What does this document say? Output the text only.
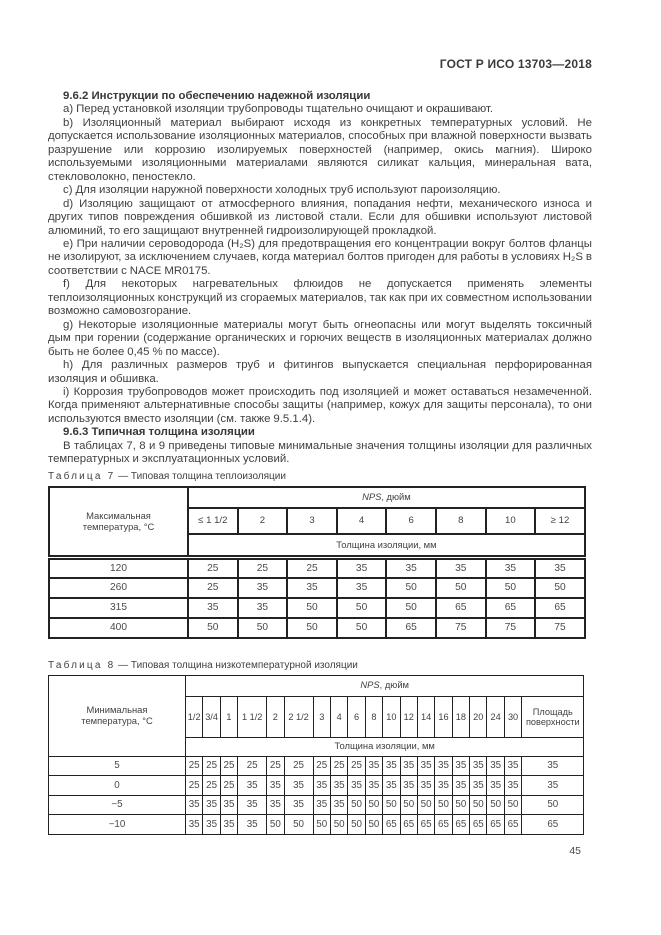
ГОСТ Р ИСО 13703—2018
9.6.2 Инструкции по обеспечению надежной изоляции

a) Перед установкой изоляции трубопроводы тщательно очищают и окрашивают.

b) Изоляционный материал выбирают исходя из конкретных температурных условий. Не допускается использование изоляционных материалов, способных при влажной поверхности вызвать разрушение или коррозию изолируемых поверхностей (например, окись магния). Широко используемыми изоляционными материалами являются силикат кальция, минеральная вата, стекловолокно, пеностекло.

c) Для изоляции наружной поверхности холодных труб используют пароизоляцию.

d) Изоляцию защищают от атмосферного влияния, попадания нефти, механического износа и других типов повреждения обшивкой из листовой стали. Если для обшивки используют листовой алюминий, то его защищают внутренней гидроизолирующей прокладкой.

e) При наличии сероводорода (H₂S) для предотвращения его концентрации вокруг болтов фланцы не изолируют, за исключением случаев, когда материал болтов пригоден для работы в условиях H₂S в соответствии с NACE MR0175.

f) Для некоторых нагревательных флюидов не допускается применять элементы теплоизоляционных конструкций из сгораемых материалов, так как при их совместном использовании возможно самовозгорание.

g) Некоторые изоляционные материалы могут быть огнеопасны или могут выделять токсичный дым при горении (содержание органических и горючих веществ в изоляционных материалах должно быть не более 0,45 % по массе).

h) Для различных размеров труб и фитингов выпускается специальная перфорированная изоляция и обшивка.

i) Коррозия трубопроводов может происходить под изоляцией и может оставаться незамеченной. Когда применяют альтернативные способы защиты (например, кожух для защиты персонала), то они используются вместо изоляции (см. также 9.5.1.4).

9.6.3 Типичная толщина изоляции

В таблицах 7, 8 и 9 приведены типовые минимальные значения толщины изоляции для различных температурных и эксплуатационных условий.

Таблица 7 — Типовая толщина теплоизоляции
Максимальная температура, °С	NPS, дюйм							
	≤ 1 1/2	2	3	4	6	8	10	≥ 12
	Толщина изоляции, мм							
120	25	25	25	35	35	35	35	35
260	25	35	35	35	50	50	50	50
315	35	35	50	50	50	65	65	65
400	50	50	50	50	65	75	75	75
Таблица 8 — Типовая толщина низкотемпературной изоляции
Минимальная температура, °С	NPS, дюйм																		
	1/2	3/4	1	1 1/2	2	2 1/2	3	4	6	8	10	12	14	16	18	20	24	30	Площадь поверхности
	Толщина изоляции, мм																		
5	25	25	25	25	25	25	25	25	25	35	35	35	35	35	35	35	35	35	35
0	25	25	25	35	35	35	35	35	35	35	35	35	35	35	35	35	35	35	35
−5	35	35	35	35	35	35	35	35	50	50	50	50	50	50	50	50	50	50	50
−10	35	35	35	35	50	50	50	50	50	50	65	65	65	65	65	65	65	65	65
45
